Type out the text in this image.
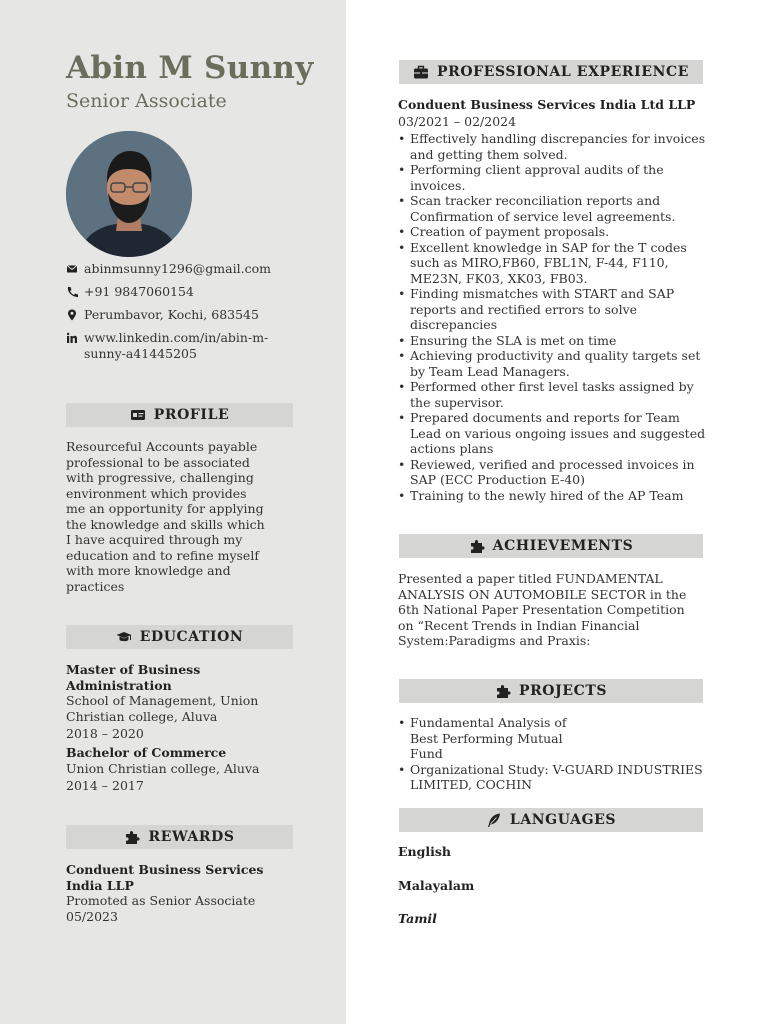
Abin M Sunny
Senior Associate
abinmsunny1296@gmail.com
+91 9847060154
Perumbavor, Kochi, 683545
www.linkedin.com/in/abin-m-sunny-a41445205
PROFILE
Resourceful Accounts payable professional to be associated with progressive, challenging environment which provides me an opportunity for applying the knowledge and skills which I have acquired through my education and to refine myself with more knowledge and practices
EDUCATION
Master of Business Administration
School of Management, Union Christian college, Aluva
2018 – 2020
Bachelor of Commerce
Union Christian college, Aluva
2014 – 2017
REWARDS
Conduent Business Services India LLP
Promoted as Senior Associate
05/2023
PROFESSIONAL EXPERIENCE
Conduent Business Services India Ltd LLP
03/2021 – 02/2024
• Effectively handling discrepancies for invoices and getting them solved.
• Performing client approval audits of the invoices.
• Scan tracker reconciliation reports and Confirmation of service level agreements.
• Creation of payment proposals.
• Excellent knowledge in SAP for the T codes such as MIRO,FB60, FBL1N, F-44, F110, ME23N, FK03, XK03, FB03.
• Finding mismatches with START and SAP reports and rectified errors to solve discrepancies
• Ensuring the SLA is met on time
• Achieving productivity and quality targets set by Team Lead Managers.
• Performed other first level tasks assigned by the supervisor.
• Prepared documents and reports for Team Lead on various ongoing issues and suggested actions plans
• Reviewed, verified and processed invoices in SAP (ECC Production E-40)
• Training to the newly hired of the AP Team
ACHIEVEMENTS
Presented a paper titled FUNDAMENTAL ANALYSIS ON AUTOMOBILE SECTOR in the 6th National Paper Presentation Competition on “Recent Trends in Indian Financial System:Paradigms and Praxis:
PROJECTS
• Fundamental Analysis of Best Performing Mutual Fund
• Organizational Study: V-GUARD INDUSTRIES LIMITED, COCHIN
LANGUAGES
English
Malayalam
Tamil
